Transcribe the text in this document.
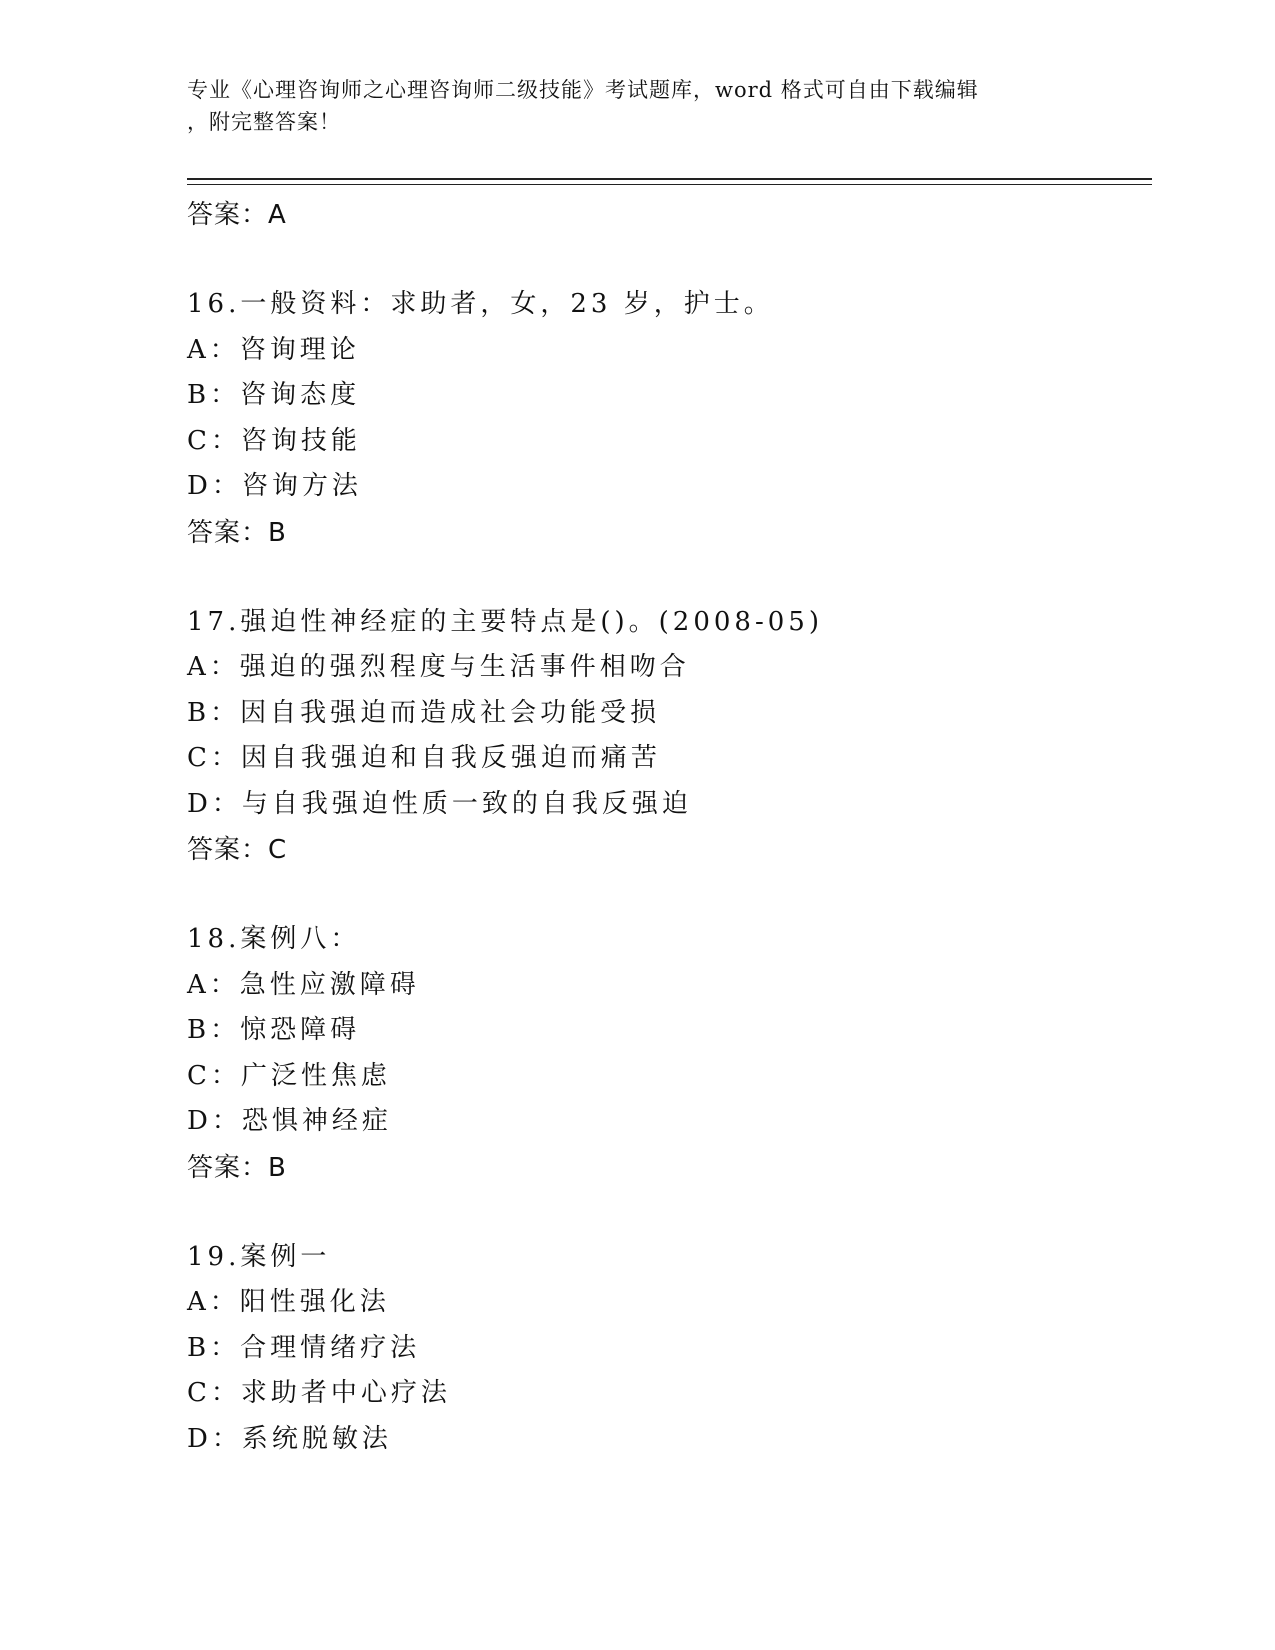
专业《心理咨询师之心理咨询师二级技能》考试题库，word 格式可自由下载编辑
，附完整答案！
答案：A
16.一般资料：求助者，女，23 岁，护士。
A：咨询理论
B：咨询态度
C：咨询技能
D：咨询方法
答案：B
17.强迫性神经症的主要特点是()。(2008-05)
A：强迫的强烈程度与生活事件相吻合
B：因自我强迫而造成社会功能受损
C：因自我强迫和自我反强迫而痛苦
D：与自我强迫性质一致的自我反强迫
答案：C
18.案例八：
A：急性应激障碍
B：惊恐障碍
C：广泛性焦虑
D：恐惧神经症
答案：B
19.案例一
A：阳性强化法
B：合理情绪疗法
C：求助者中心疗法
D：系统脱敏法
